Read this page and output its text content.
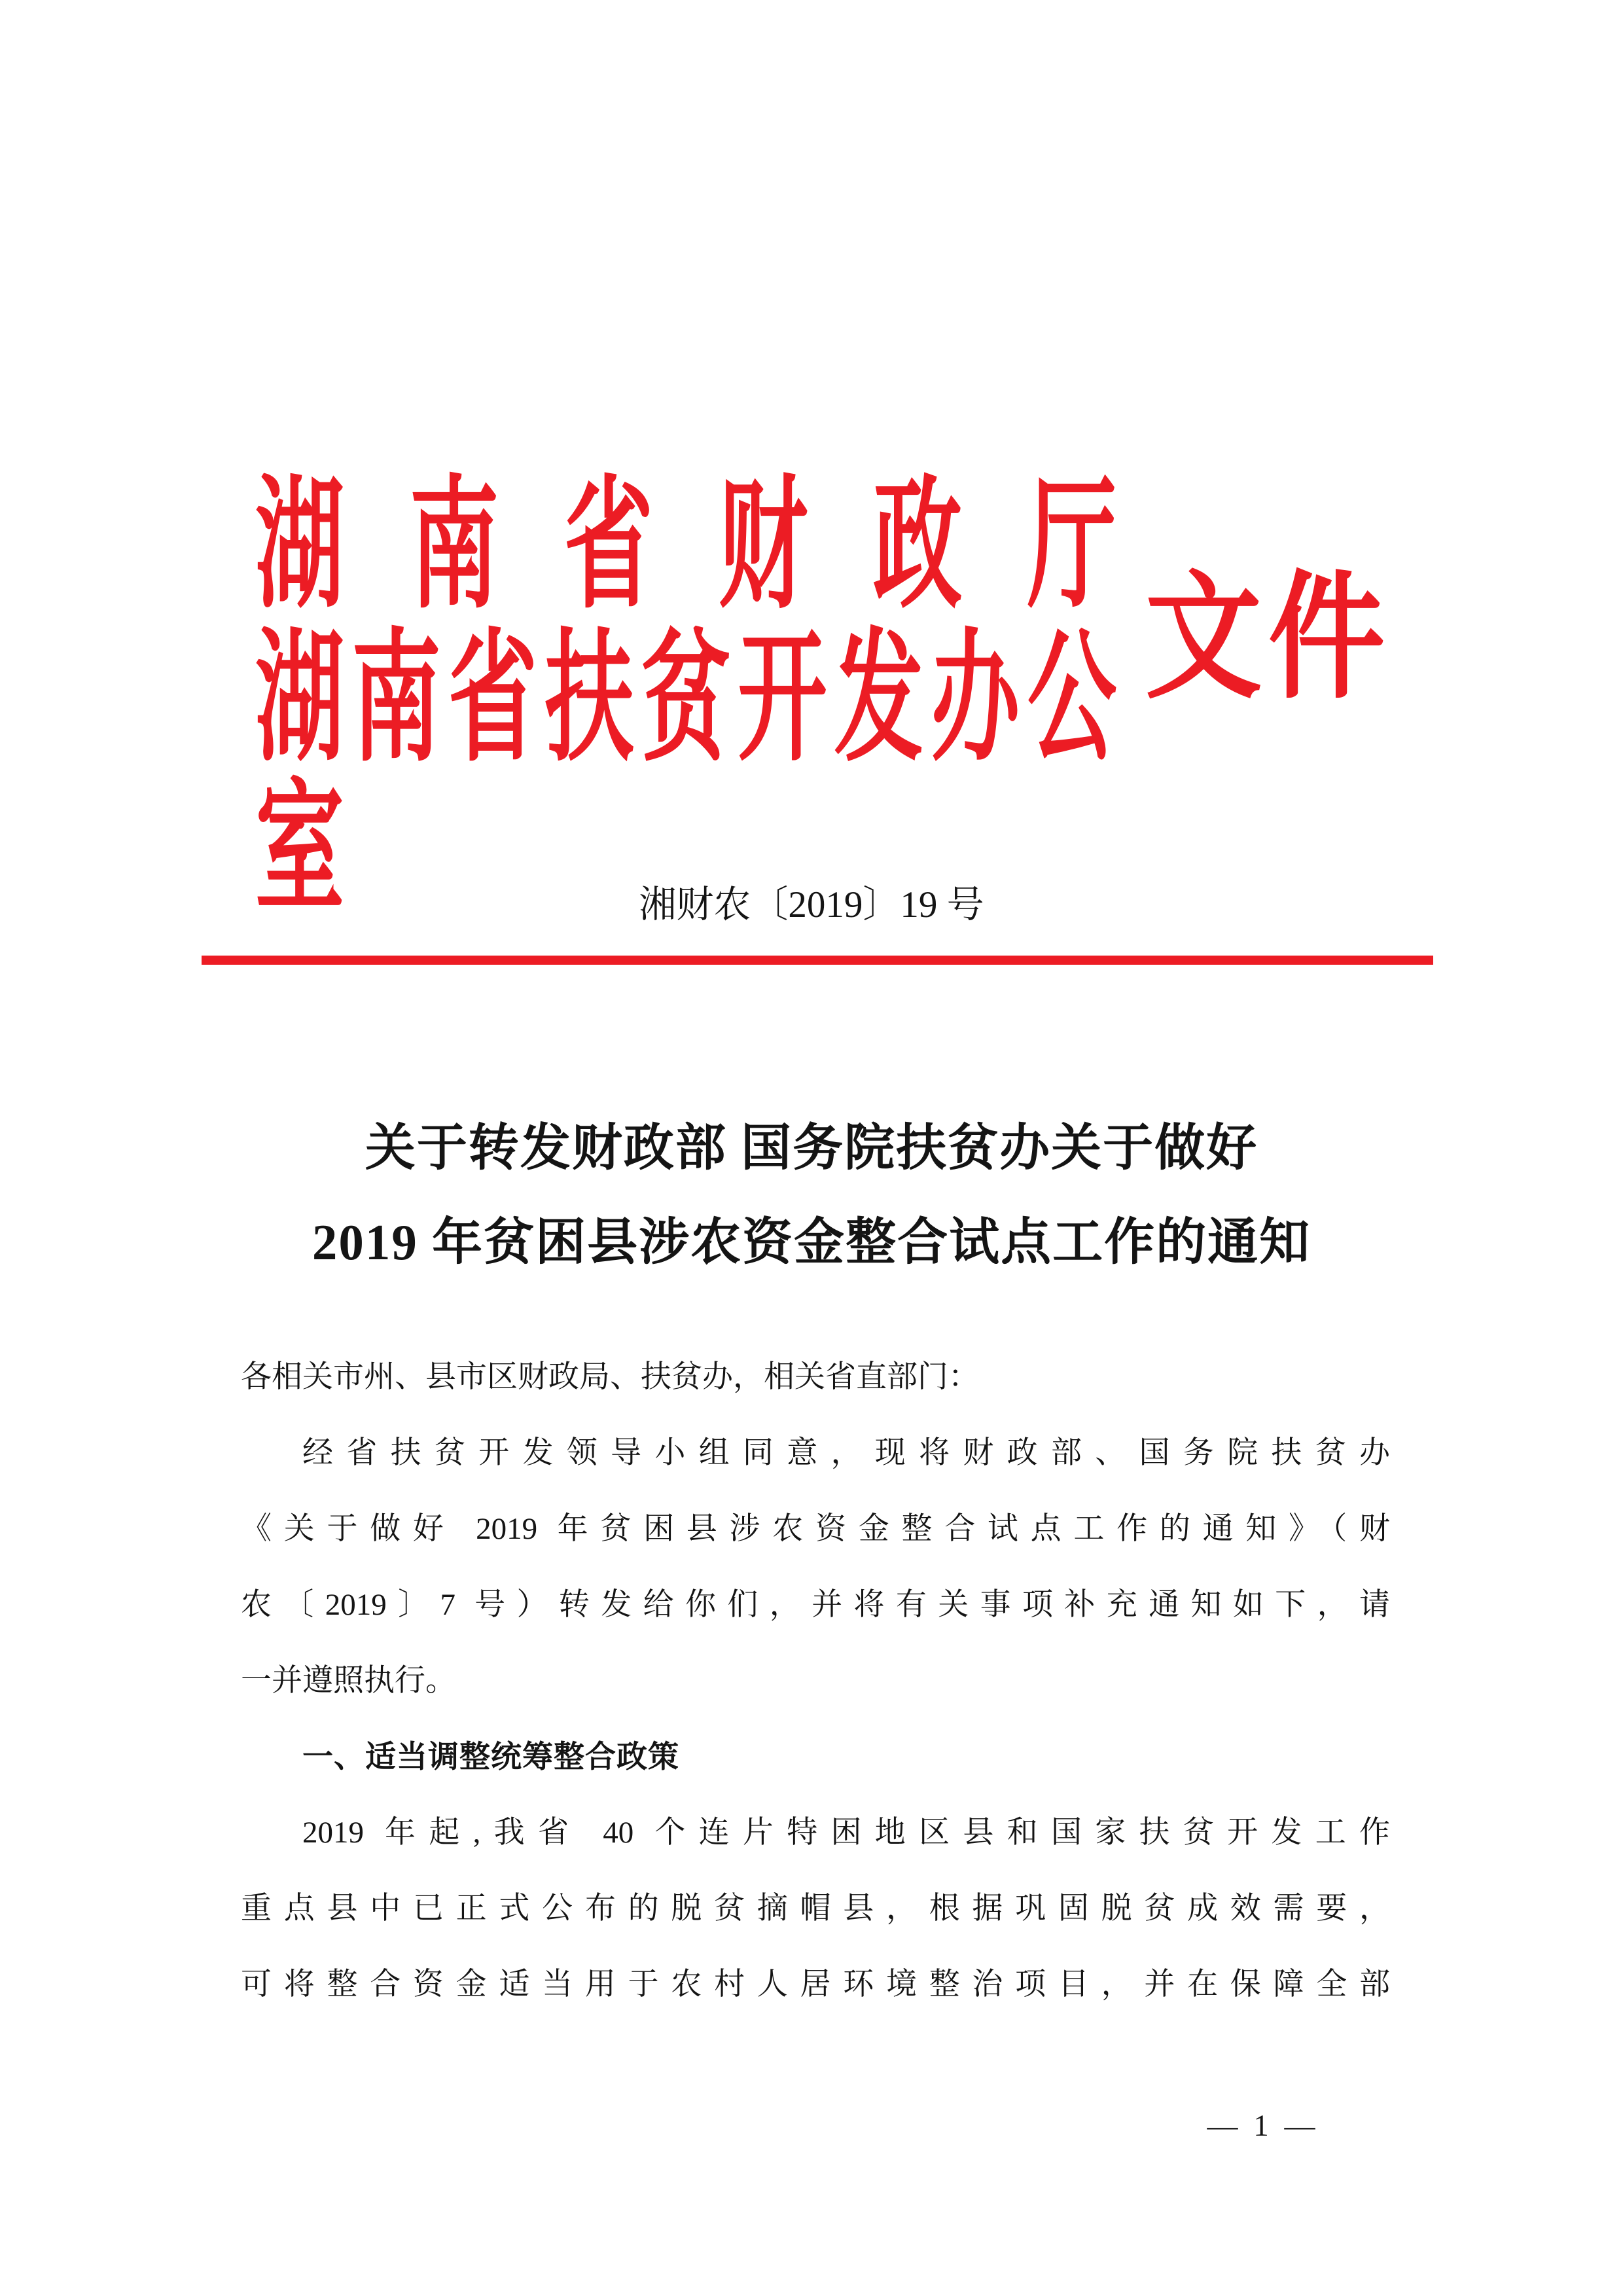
湖 南 省 财 政 厅
湖南省扶贫开发办公室
文件
湘财农〔2019〕19 号
关于转发财政部 国务院扶贫办关于做好
2019 年贫困县涉农资金整合试点工作的通知

各相关市州、县市区财政局、扶贫办，相关省直部门：

经省扶贫开发领导小组同意，现将财政部、国务院扶贫办

《关于做好 2019 年贫困县涉农资金整合试点工作的通知》（财

农〔2019〕7 号）转发给你们，并将有关事项补充通知如下，请

一并遵照执行。

一、适当调整统筹整合政策

2019 年起,我省 40 个连片特困地区县和国家扶贫开发工作

重点县中已正式公布的脱贫摘帽县，根据巩固脱贫成效需要，

可将整合资金适当用于农村人居环境整治项目，并在保障全部

— 1 —
